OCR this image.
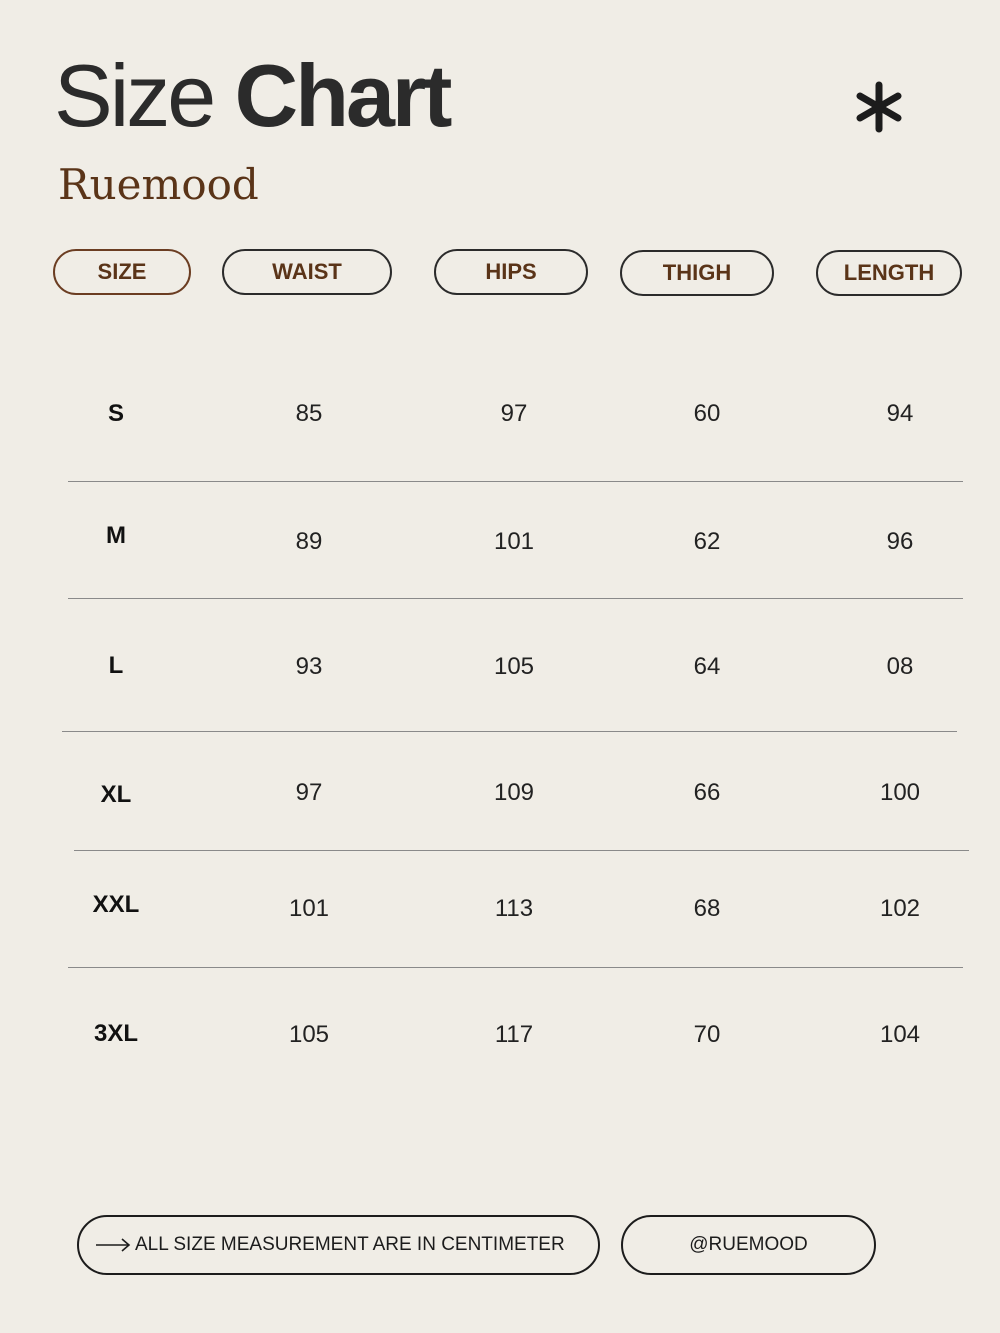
Size Chart
Ruemood
SIZE	WAIST	HIPS	THIGH	LENGTH
S	85	97	60	94
M	89	101	62	96
L	93	105	64	08
XL	97	109	66	100
XXL	101	113	68	102
3XL	105	117	70	104
ALL SIZE MEASUREMENT ARE IN CENTIMETER	@RUEMOOD
